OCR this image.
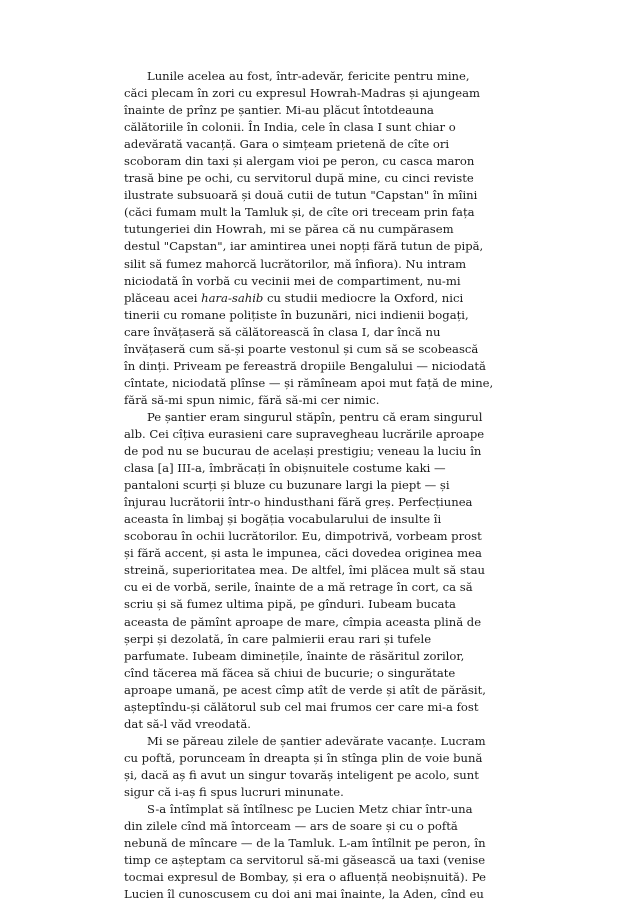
Lunile acelea au fost, într-adevăr, fericite pentru mine,
căci plecam în zori cu expresul Howrah-Madras și ajungeam
înainte de prînz pe șantier. Mi-au plăcut întotdeauna
călătoriile în colonii. În India, cele în clasa I sunt chiar o
adevărată vacanță. Gara o simțeam prietenă de cîte ori
scoboram din taxi și alergam vioi pe peron, cu casca maron
trasă bine pe ochi, cu servitorul după mine, cu cinci reviste
ilustrate subsuoară și două cutii de tutun "Capstan" în mîini
(căci fumam mult la Tamluk și, de cîte ori treceam prin fața
tutungeriei din Howrah, mi se părea că nu cumpărasem
destul "Capstan", iar amintirea unei nopți fără tutun de pipă,
silit să fumez mahorcă lucrătorilor, mă înfiora). Nu intram
niciodată în vorbă cu vecinii mei de compartiment, nu-mi
plăceau acei hara-sahib cu studii mediocre la Oxford, nici
tinerii cu romane polițiste în buzunări, nici indienii bogați,
care învățaseră să călătorească în clasa I, dar încă nu
învățaseră cum să-și poarte vestonul și cum să se scobească
în dinți. Priveam pe fereastră dropiile Bengalului — niciodată
cîntate, niciodată plînse — și rămîneam apoi mut față de mine,
fără să-mi spun nimic, fără să-mi cer nimic.
Pe șantier eram singurul stăpîn, pentru că eram singurul
alb. Cei cîțiva eurasieni care supravegheau lucrările aproape
de pod nu se bucurau de același prestigiu; veneau la luciu în
clasa [a] III-a, îmbrăcați în obișnuitele costume kaki —
pantaloni scurți și bluze cu buzunare largi la piept — și
înjurau lucrătorii într-o hindusthani fără greș. Perfecțiunea
aceasta în limbaj și bogăția vocabularului de insulte îi
scoborau în ochii lucrătorilor. Eu, dimpotrivă, vorbeam prost
și fără accent, și asta le impunea, căci dovedea originea mea
streină, superioritatea mea. De altfel, îmi plăcea mult să stau
cu ei de vorbă, serile, înainte de a mă retrage în cort, ca să
scriu și să fumez ultima pipă, pe gînduri. Iubeam bucata
aceasta de pămînt aproape de mare, cîmpia aceasta plină de
șerpi și dezolată, în care palmierii erau rari și tufele
parfumate. Iubeam diminețile, înainte de răsăritul zorilor,
cînd tăcerea mă făcea să chiui de bucurie; o singurătate
aproape umană, pe acest cîmp atît de verde și atît de părăsit,
așteptîndu-și călătorul sub cel mai frumos cer care mi-a fost
dat să-l văd vreodată.
Mi se păreau zilele de șantier adevărate vacanțe. Lucram
cu poftă, porunceam în dreapta și în stînga plin de voie bună
și, dacă aș fi avut un singur tovarăș inteligent pe acolo, sunt
sigur că i-aș fi spus lucruri minunate.
S-a întîmplat să întîlnesc pe Lucien Metz chiar într-una
din zilele cînd mă întorceam — ars de soare și cu o poftă
nebună de mîncare — de la Tamluk. L-am întîlnit pe peron, în
timp ce așteptam ca servitorul să-mi găsească ua taxi (venise
tocmai expresul de Bombay, și era o afluență neobișnuită). Pe
Lucien îl cunoscusem cu doi ani mai înainte, la Aden, cînd eu
